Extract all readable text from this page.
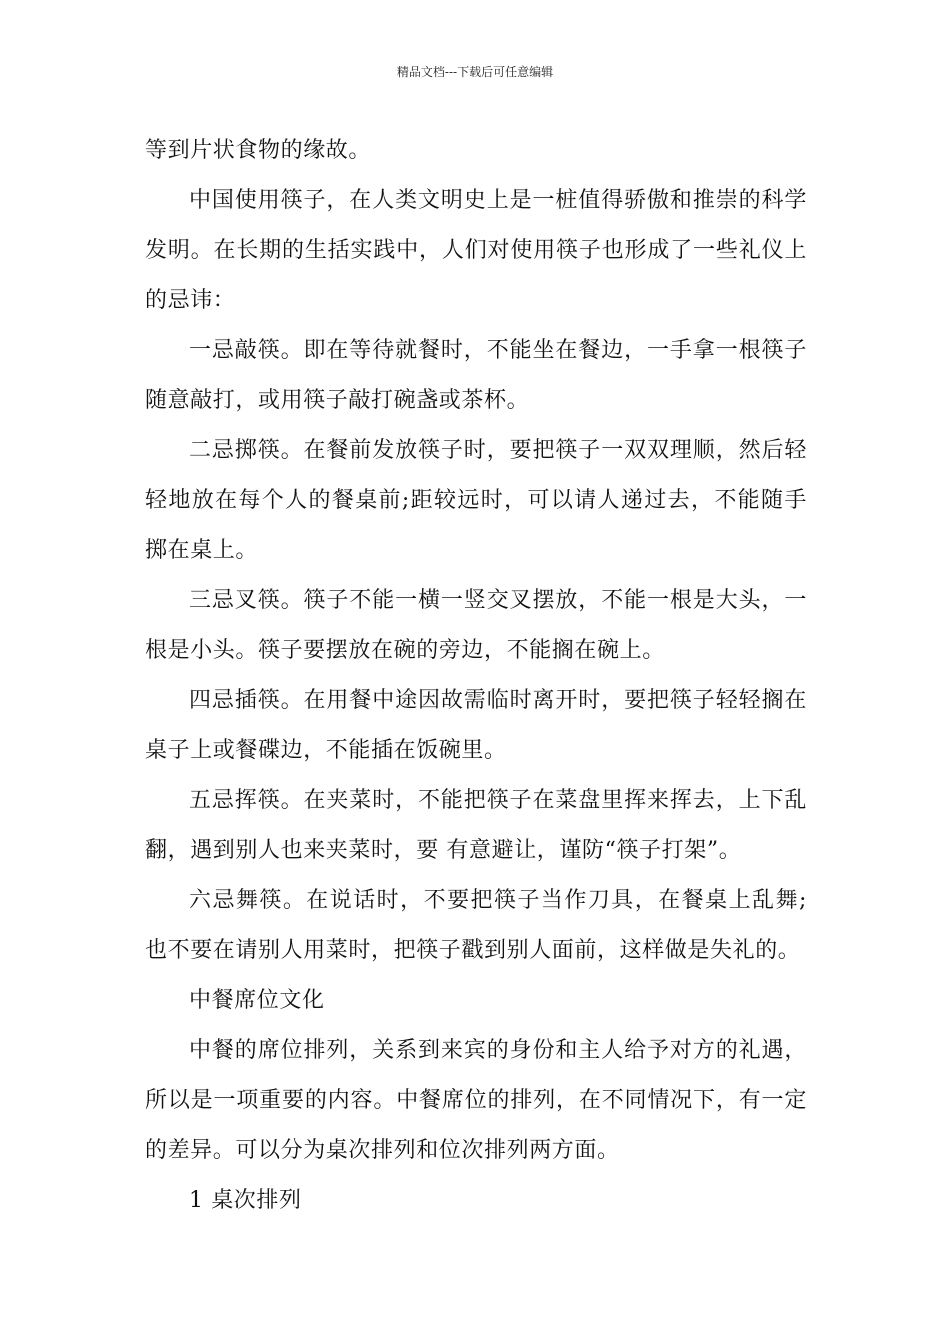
精品文档---下载后可任意编辑

等到片状食物的缘故。

中国使用筷子，在人类文明史上是一桩值得骄傲和推崇的科学发明。在长期的生括实践中，人们对使用筷子也形成了一些礼仪上的忌讳：

一忌敲筷。即在等待就餐时，不能坐在餐边，一手拿一根筷子随意敲打，或用筷子敲打碗盏或茶杯。

二忌掷筷。在餐前发放筷子时，要把筷子一双双理顺，然后轻轻地放在每个人的餐桌前;距较远时，可以请人递过去，不能随手掷在桌上。

三忌叉筷。筷子不能一横一竖交叉摆放，不能一根是大头，一根是小头。筷子要摆放在碗的旁边，不能搁在碗上。

四忌插筷。在用餐中途因故需临时离开时，要把筷子轻轻搁在桌子上或餐碟边，不能插在饭碗里。

五忌挥筷。在夹菜时，不能把筷子在菜盘里挥来挥去，上下乱翻，遇到别人也来夹菜时，要 有意避让，谨防“筷子打架”。

六忌舞筷。在说话时，不要把筷子当作刀具，在餐桌上乱舞;也不要在请别人用菜时，把筷子戳到别人面前，这样做是失礼的。

中餐席位文化

中餐的席位排列，关系到来宾的身份和主人给予对方的礼遇，所以是一项重要的内容。中餐席位的排列，在不同情况下，有一定的差异。可以分为桌次排列和位次排列两方面。

1 桌次排列
